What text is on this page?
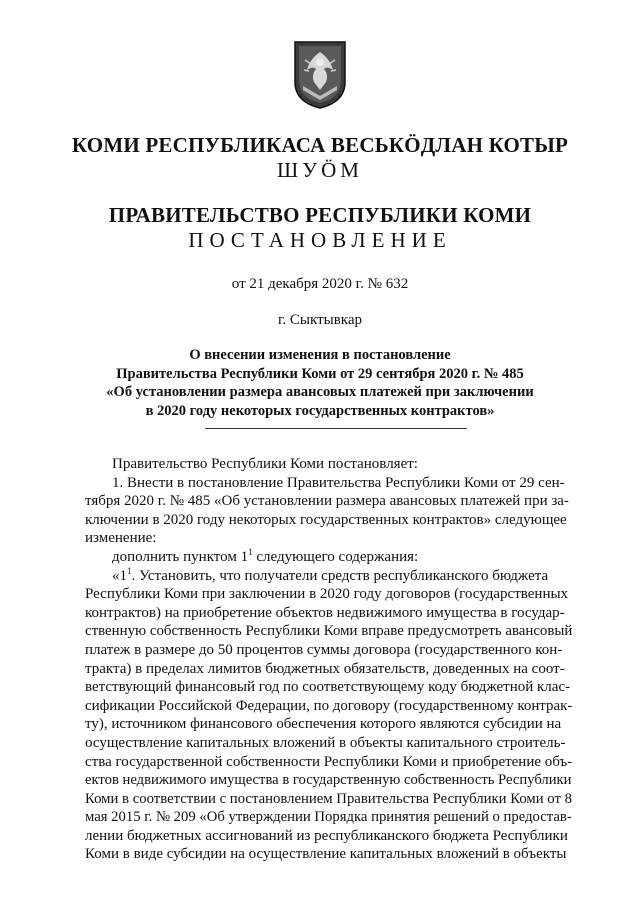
КОМИ РЕСПУБЛИКАСА ВЕСЬКӦДЛАН КОТЫР
ШУӦМ
ПРАВИТЕЛЬСТВО РЕСПУБЛИКИ КОМИ
ПОСТАНОВЛЕНИЕ
от 21 декабря 2020 г. № 632
г. Сыктывкар
О внесении изменения в постановление
Правительства Республики Коми от 29 сентября 2020 г. № 485
«Об установлении размера авансовых платежей при заключении
в 2020 году некоторых государственных контрактов»
Правительство Республики Коми постановляет:
1. Внести в постановление Правительства Республики Коми от 29 сен-
тября 2020 г. № 485 «Об установлении размера авансовых платежей при за-
ключении в 2020 году некоторых государственных контрактов» следующее
изменение:
дополнить пунктом $1^1$ следующего содержания:
«$1^1$. Установить, что получатели средств республиканского бюджета
Республики Коми при заключении в 2020 году договоров (государственных
контрактов) на приобретение объектов недвижимого имущества в государ-
ственную собственность Республики Коми вправе предусмотреть авансовый
платеж в размере до 50 процентов суммы договора (государственного кон-
тракта) в пределах лимитов бюджетных обязательств, доведенных на соот-
ветствующий финансовый год по соответствующему коду бюджетной клас-
сификации Российской Федерации, по договору (государственному контрак-
ту), источником финансового обеспечения которого являются субсидии на
осуществление капитальных вложений в объекты капитального строитель-
ства государственной собственности Республики Коми и приобретение объ-
ектов недвижимого имущества в государственную собственность Республики
Коми в соответствии с постановлением Правительства Республики Коми от 8
мая 2015 г. № 209 «Об утверждении Порядка принятия решений о предостав-
лении бюджетных ассигнований из республиканского бюджета Республики
Коми в виде субсидии на осуществление капитальных вложений в объекты
